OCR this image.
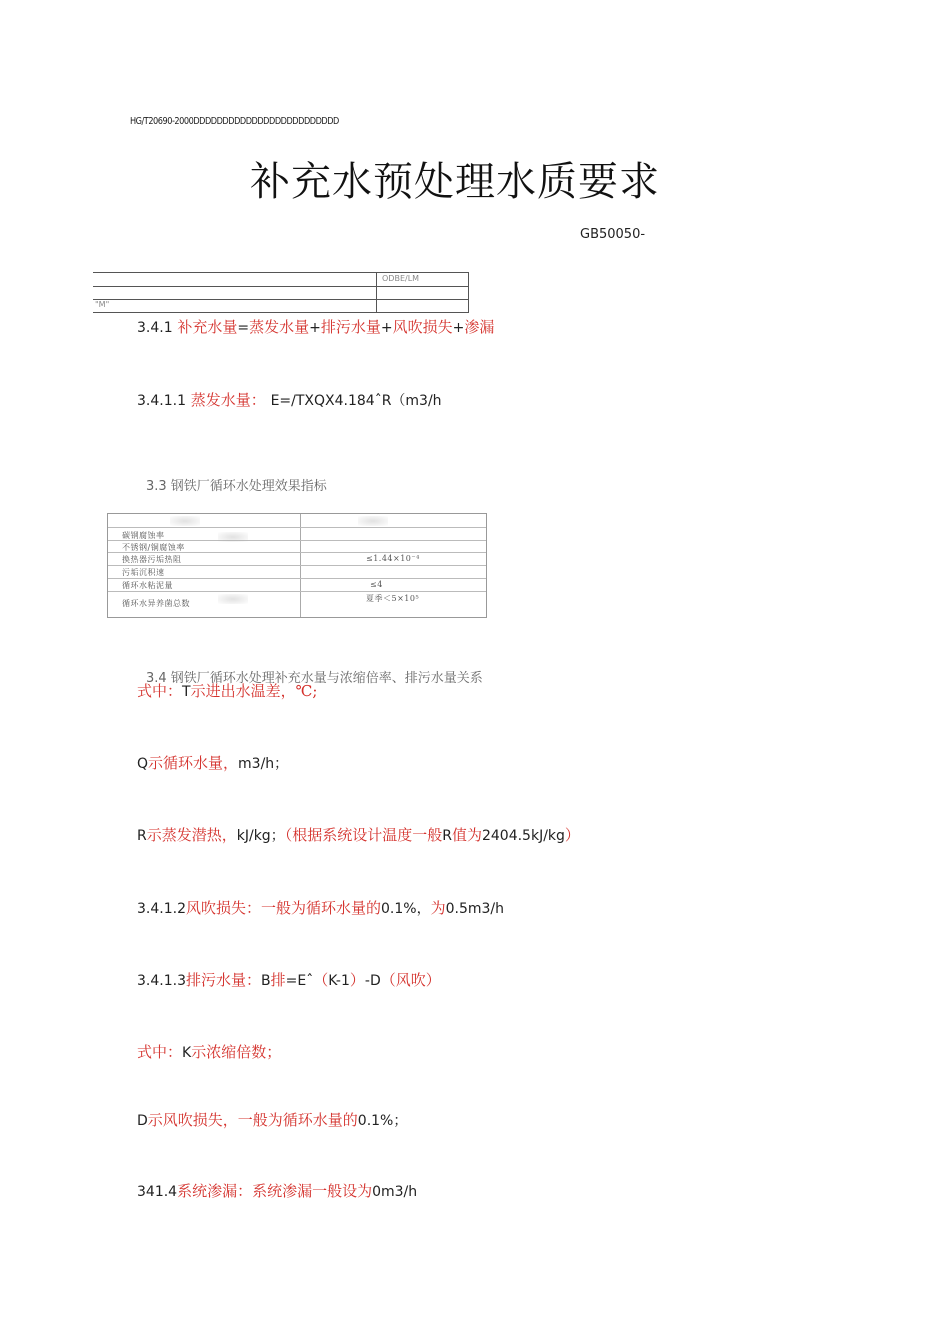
HG/T20690-2000DDDDDDDDDDDDDDDDDDDDDDDDD
补充水预处理水质要求
GB50050-
ODBE/LM
"M"
3.4.1 补充水量=蒸发水量+排污水量+风吹损失+渗漏
3.4.1.1 蒸发水量： E=/TXQX4.184ˆR（m3/h
3.3 钢铁厂循环水处理效果指标
碳钢腐蚀率
不锈钢/铜腐蚀率
换热器污垢热阻
污垢沉积速
循环水粘泥量
循环水异养菌总数
≤1.44×10⁻⁴
≤4
夏季＜5×10⁵
3.4 钢铁厂循环水处理补充水量与浓缩倍率、排污水量关系
式中：T示进出水温差，℃;
Q示循环水量，m3/h；
R示蒸发潜热，kJ/kg；（根据系统设计温度一般R值为2404.5kJ/kg）
3.4.1.2风吹损失：一般为循环水量的0.1%，为0.5m3/h
3.4.1.3排污水量：B排=Eˆ（K-1）-D（风吹）
式中：K示浓缩倍数；
D示风吹损失，一般为循环水量的0.1%；
341.4系统渗漏：系统渗漏一般设为0m3/h
